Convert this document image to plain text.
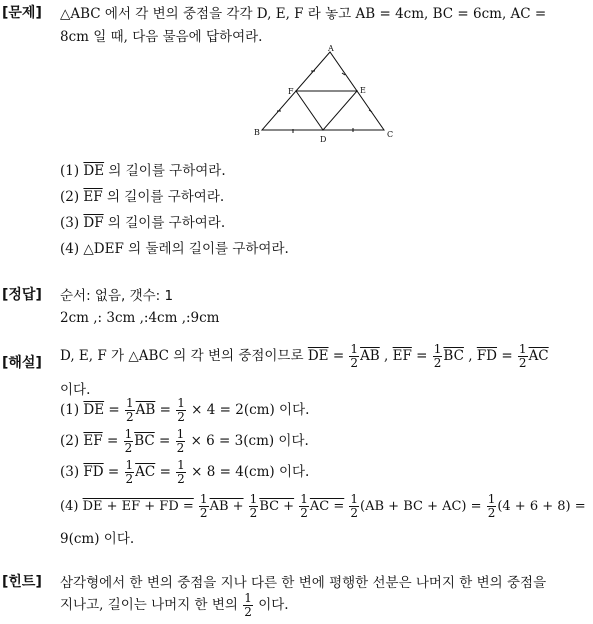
[문제] △ABC 에서 각 변의 중점을 각각 D, E, F 라 놓고 AB = 4cm, BC = 6cm, AC =
8cm 일 때, 다음 물음에 답하여라.
A
B	C
D
E
F
(1) $\overline{DE}$ 의 길이를 구하여라.
(2) $\overline{EF}$ 의 길이를 구하여라.
(3) $\overline{DF}$ 의 길이를 구하여라.
(4) △DEF 의 둘레의 길이를 구하여라.
[정답] 순서: 없음, 갯수: 1
2cm ,: 3cm ,:4cm ,:9cm
[해설] D, E, F 가 △ABC 의 각 변의 중점이므로 $\overline{DE} = \frac{1}{2} \overline{AB}$ , $\overline{EF} = \frac{1}{2} \overline{BC}$ , $\overline{FD} = \frac{1}{2} \overline{AC}$
이다.
(1) $\overline{DE} = \frac{1}{2} \overline{AB} = \frac{1}{2} \times 4 = 2(cm)$ 이다.
(2) $\overline{EF} = \frac{1}{2} \overline{BC} = \frac{1}{2} \times 6 = 3(cm)$ 이다.
(3) $\overline{FD} = \frac{1}{2} \overline{AC} = \frac{1}{2} \times 8 = 4(cm)$ 이다.
(4) DE + EF + FD = $\frac{1}{2}$ AB + $\frac{1}{2}$ BC + $\frac{1}{2}$ AC = $\frac{1}{2} (AB$ + BC + $AC) = \frac{1}{2} (4 + 6 + 8)$ =
9(cm) 이다.
[힌트] 삼각형에서 한 변의 중점을 지나 다른 한 변에 평행한 선분은 나머지 한 변의 중점을
지나고, 길이는 나머지 한 변의 $\frac{1}{2}$ 이다.
